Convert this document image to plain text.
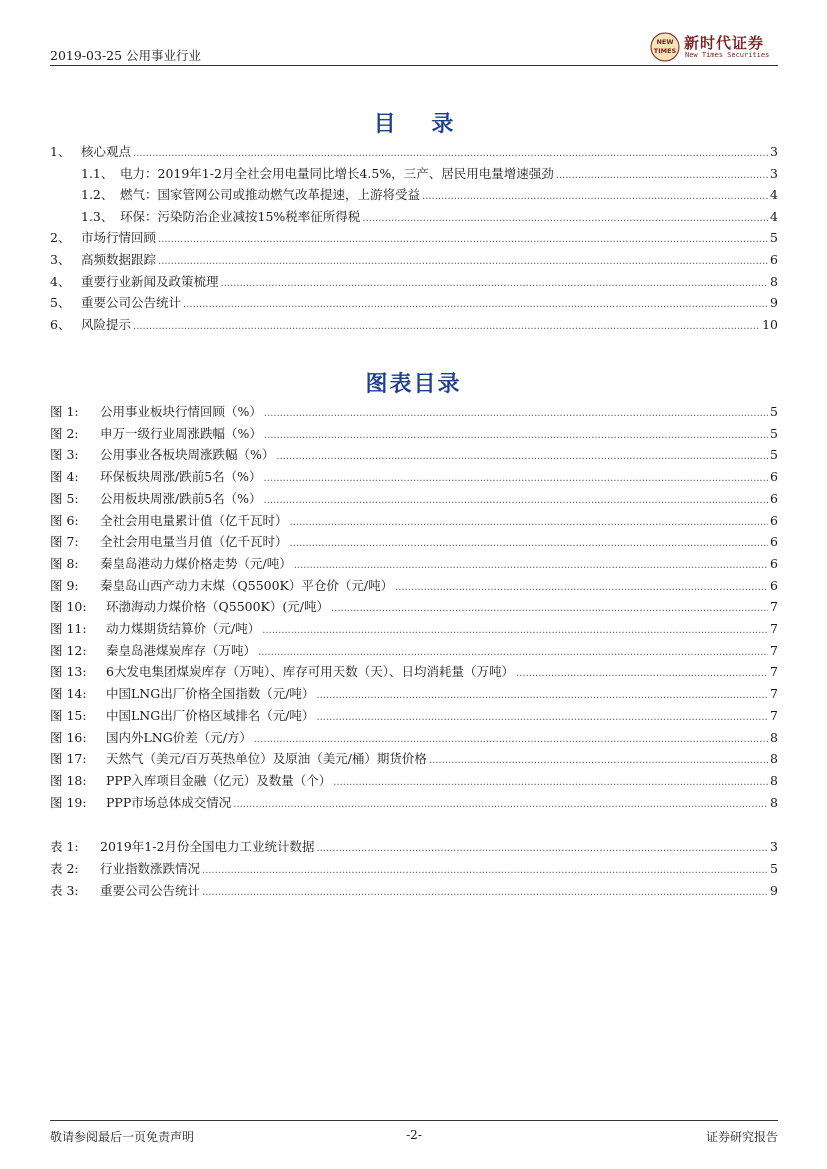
2019-03-25 公用事业行业
NEW
TIMES 新时代证券
New Times Securities
目 录
1、 核心观点 .....	3
1.1、 电力：2019年1-2月全社会用电量同比增长4.5%，三产、居民用电量增速强劲 .....	3
1.2、 燃气：国家管网公司或推动燃气改革提速，上游将受益 .....	4
1.3、 环保：污染防治企业减按15%税率征所得税 .....	4
2、 市场行情回顾 .....	5
3、 高频数据跟踪 .....	6
4、 重要行业新闻及政策梳理 .....	8
5、 重要公司公告统计 .....	9
6、 风险提示 .....	10
图表目录
图 1:	公用事业板块行情回顾（%） .....	5
图 2:	申万一级行业周涨跌幅（%） .....	5
图 3:	公用事业各板块周涨跌幅（%） .....	5
图 4:	环保板块周涨/跌前5名（%） .....	6
图 5:	公用板块周涨/跌前5名（%） .....	6
图 6:	全社会用电量累计值（亿千瓦时） .....	6
图 7:	全社会用电量当月值（亿千瓦时） .....	6
图 8:	秦皇岛港动力煤价格走势（元/吨） .....	6
图 9:	秦皇岛山西产动力末煤（Q5500K）平仓价（元/吨） .....	6
图 10:	环渤海动力煤价格（Q5500K）(元/吨） .....	7
图 11:	动力煤期货结算价（元/吨） .....	7
图 12:	秦皇岛港煤炭库存（万吨） .....	7
图 13:	6大发电集团煤炭库存（万吨）、库存可用天数（天）、日均消耗量（万吨） .....	7
图 14:	中国LNG出厂价格全国指数（元/吨） .....	7
图 15:	中国LNG出厂价格区域排名（元/吨） .....	7
图 16:	国内外LNG价差（元/方） .....	8
图 17:	天然气（美元/百万英热单位）及原油（美元/桶）期货价格 .....	8
图 18:	PPP入库项目金融（亿元）及数量（个） .....	8
图 19:	PPP市场总体成交情况 .....	8
表 1:	2019年1-2月份全国电力工业统计数据 .....	3
表 2:	行业指数涨跌情况 .....	5
表 3:	重要公司公告统计 .....	9
敬请参阅最后一页免责声明	-2-	证券研究报告
